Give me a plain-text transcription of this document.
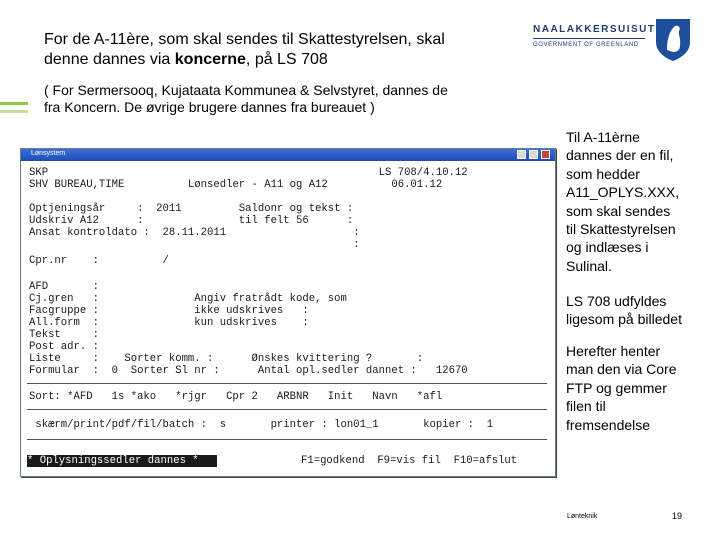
For de A-11ère, som skal sendes til Skattestyrelsen, skal
denne dannes via koncerne, på LS 708
NAALAKKERSUISUT
GOVERNMENT OF GREENLAND
( For Sermersooq, Kujataata Kommunea & Selvstyret, dannes de
fra Koncern. De øvrige brugere dannes fra bureauet )
Lønsystem
SKP                                                    LS 708/4.10.12
SHV BUREAU,TIME          Lønsedler - A11 og A12          06.01.12
Optjeningsår     :  2011         Saldonr og tekst :
Udskriv A12      :               til felt 56      :
Ansat kontroldato :  28.11.2011                    :
:
Cpr.nr    :          /
AFD       :
Cj.gren   :               Angiv fratrådt kode, som
Facgruppe :               ikke udskrives   :
All.form  :               kun udskrives    :
Tekst     :
Post adr. :
Liste     :    Sorter komm. :      Ønskes kvittering ?       :
Formular  :  0  Sorter Sl nr :      Antal opl.sedler dannet :   12670
Sort: *AFD   1s *ako   *rjgr   Cpr 2   ARBNR   Init   Navn   *afl
skærm/print/pdf/fil/batch :  s       printer : lon01_1       kopier :  1
* Oplysningssedler dannes *	F1=godkend  F9=vis fil  F10=afslut
Til A-11èrne
dannes der en fil,
som hedder
A11_OPLYS.XXX,
som skal sendes
til Skattestyrelsen
og indlæses i
Sulinal.
LS 708 udfyldes
ligesom på billedet
Herefter henter
man den via Core
FTP og gemmer
filen til
fremsendelse
Lønteknik	19
